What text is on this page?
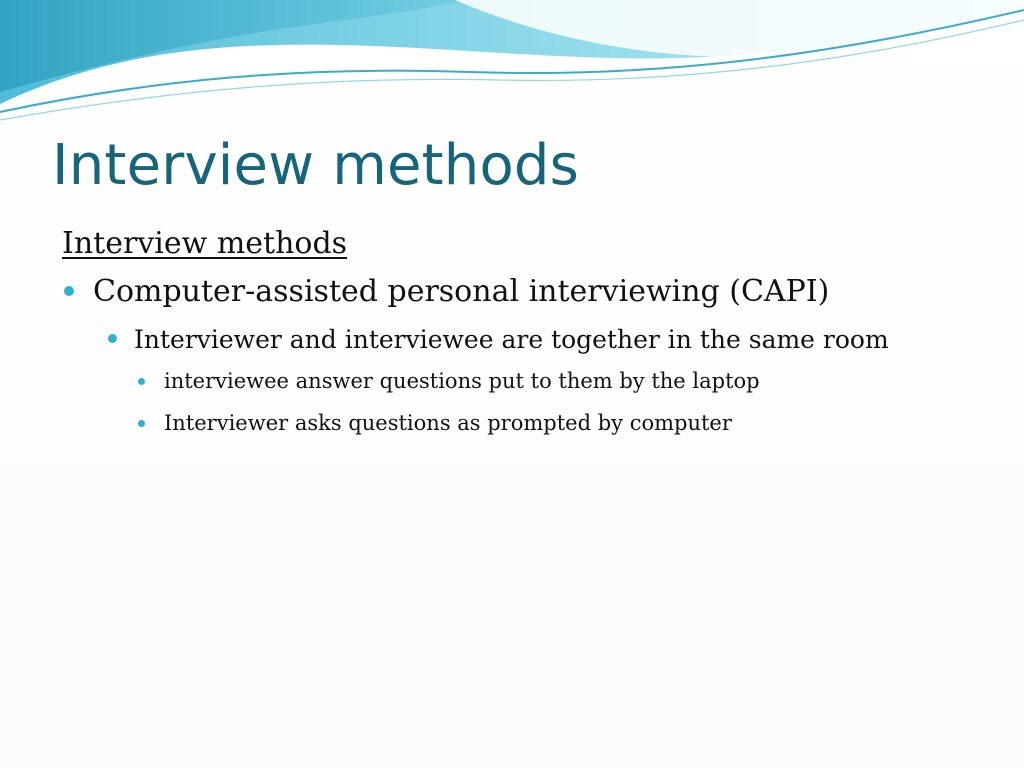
Interview methods
Interview methods
Computer-assisted personal interviewing (CAPI)
Interviewer and interviewee are together in the same room
interviewee answer questions put to them by the laptop
Interviewer asks questions as prompted by computer
